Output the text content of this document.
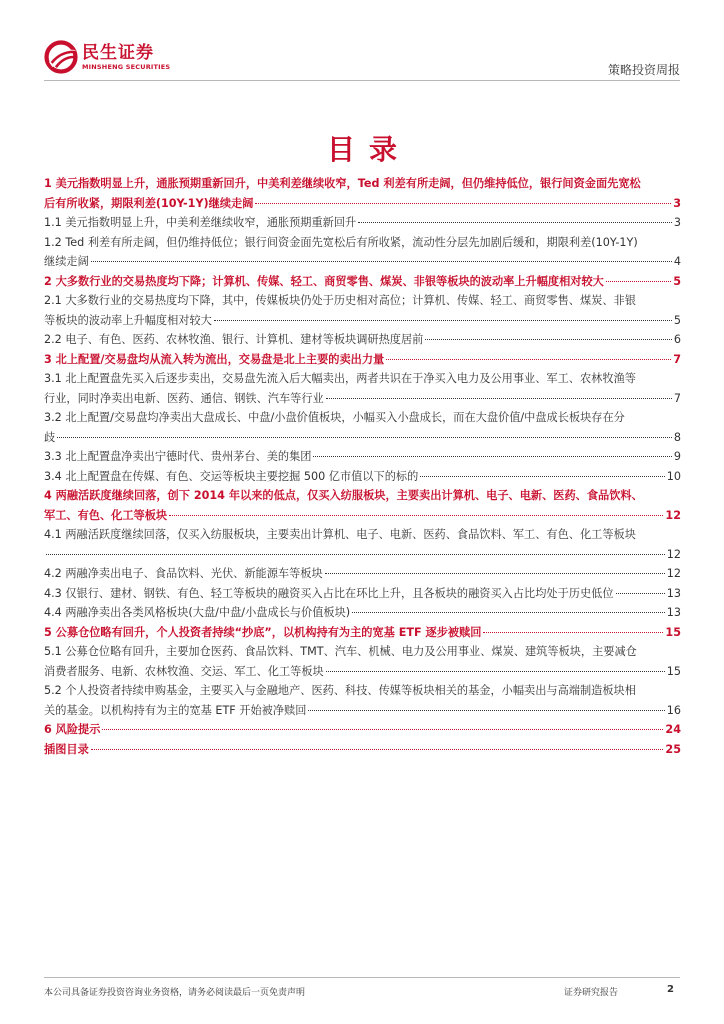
民生证券
MINSHENG SECURITIES	策略投资周报
目录
1 美元指数明显上升，通胀预期重新回升，中美利差继续收窄，Ted 利差有所走阔，但仍维持低位，银行间资金面先宽松
后有所收紧，期限利差(10Y-1Y)继续走阔	3
1.1 美元指数明显上升，中美利差继续收窄，通胀预期重新回升	3
1.2 Ted 利差有所走阔，但仍维持低位；银行间资金面先宽松后有所收紧，流动性分层先加剧后缓和，期限利差(10Y-1Y)
继续走阔	4
2 大多数行业的交易热度均下降；计算机、传媒、轻工、商贸零售、煤炭、非银等板块的波动率上升幅度相对较大	5
2.1 大多数行业的交易热度均下降，其中，传媒板块仍处于历史相对高位；计算机、传媒、轻工、商贸零售、煤炭、非银
等板块的波动率上升幅度相对较大	5
2.2 电子、有色、医药、农林牧渔、银行、计算机、建材等板块调研热度居前	6
3 北上配置/交易盘均从流入转为流出，交易盘是北上主要的卖出力量	7
3.1 北上配置盘先买入后逐步卖出，交易盘先流入后大幅卖出，两者共识在于净买入电力及公用事业、军工、农林牧渔等
行业，同时净卖出电新、医药、通信、钢铁、汽车等行业	7
3.2 北上配置/交易盘均净卖出大盘成长、中盘/小盘价值板块，小幅买入小盘成长，而在大盘价值/中盘成长板块存在分
歧	8
3.3 北上配置盘净卖出宁德时代、贵州茅台、美的集团	9
3.4 北上配置盘在传媒、有色、交运等板块主要挖掘 500 亿市值以下的标的	10
4 两融活跃度继续回落，创下 2014 年以来的低点，仅买入纺服板块，主要卖出计算机、电子、电新、医药、食品饮料、
军工、有色、化工等板块	12
4.1 两融活跃度继续回落，仅买入纺服板块，主要卖出计算机、电子、电新、医药、食品饮料、军工、有色、化工等板块
12
4.2 两融净卖出电子、食品饮料、光伏、新能源车等板块	12
4.3 仅银行、建材、钢铁、有色、轻工等板块的融资买入占比在环比上升，且各板块的融资买入占比均处于历史低位	13
4.4 两融净卖出各类风格板块(大盘/中盘/小盘成长与价值板块)	13
5 公募仓位略有回升，个人投资者持续“抄底”，以机构持有为主的宽基 ETF 逐步被赎回	15
5.1 公募仓位略有回升，主要加仓医药、食品饮料、TMT、汽车、机械、电力及公用事业、煤炭、建筑等板块，主要减仓
消费者服务、电新、农林牧渔、交运、军工、化工等板块	15
5.2 个人投资者持续申购基金，主要买入与金融地产、医药、科技、传媒等板块相关的基金，小幅卖出与高端制造板块相
关的基金。以机构持有为主的宽基 ETF 开始被净赎回	16
6 风险提示	24
插图目录	25
本公司具备证券投资咨询业务资格，请务必阅读最后一页免责声明	证券研究报告	2
